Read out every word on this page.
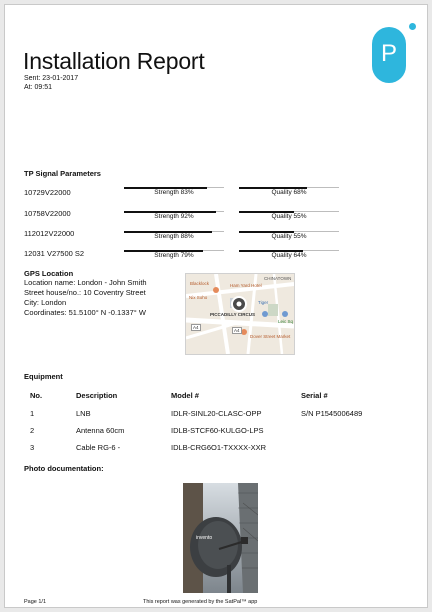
Installation Report
Sent: 23-01-2017
At: 09:51
P
TP Signal Parameters
10729V22000	Strength 83%	Quality 68%
10758V22000	Strength 92%	Quality 55%
112012V22000	Strength 88%	Quality 55%
12031 V27500 S2	Strength 79%	Quality 64%
GPS Location
Location name: London - John Smith
Street house/no.: 10 Coventry Street
City: London
Coordinates: 51.5100° N -0.1337° W
Blacklock
CHINATOWN
Ham Yard Hotel
Nix Soho
PICCADILLY CIRCUS
Tiger
Leic Sq
Dover Street Market
A4
A4
Equipment
No.	Description	Model #	Serial #
1	LNB	IDLR-SINL20-CLASC-OPP	S/N P1545006489
2	Antenna 60cm	IDLB-STCF60-KULGO-LPS
3	Cable RG-6 -	IDLB-CRG6O1-TXXXX-XXR
Photo documentation:
invento
Page 1/1	This report was generated by the SatPal™ app
